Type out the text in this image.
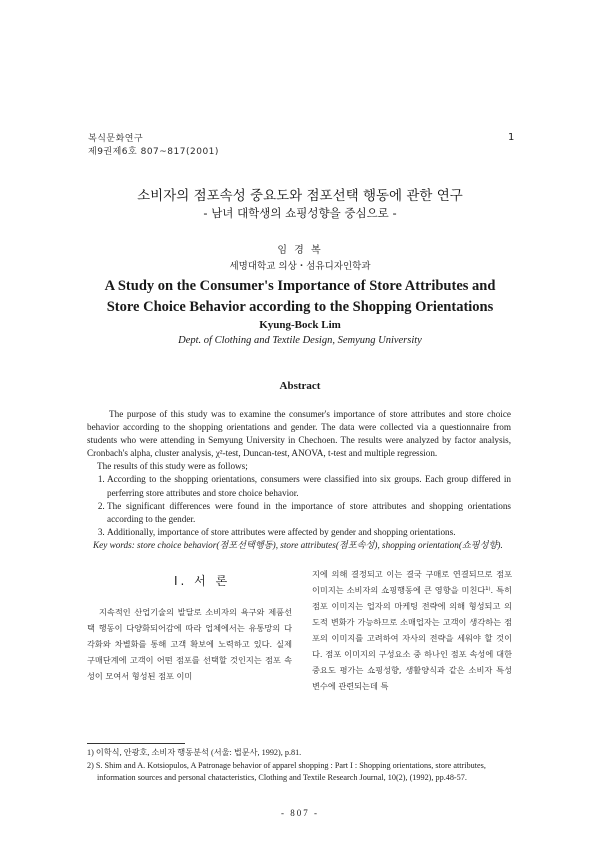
복식문화연구
제9권제6호 807~817(2001)
1
소비자의 점포속성 중요도와 점포선택 행동에 관한 연구
- 남녀 대학생의 쇼핑성향을 중심으로 -
임 경 복
세명대학교 의상・섬유디자인학과
A Study on the Consumer's Importance of Store Attributes and
Store Choice Behavior according to the Shopping Orientations
Kyung-Bock Lim
Dept. of Clothing and Textile Design, Semyung University
Abstract

The purpose of this study was to examine the consumer's importance of store attributes and store choice behavior according to the shopping orientations and gender. The data were collected via a questionnaire from students who were attending in Semyung University in Chechoen. The results were analyzed by factor analysis, Cronbach's alpha, cluster analysis, χ²-test, Duncan-test, ANOVA, t-test and multiple regression.

The results of this study were as follows;

1. According to the shopping orientations, consumers were classified into six groups. Each group differed in perferring store attributes and store choice behavior.
2. The significant differences were found in the importance of store attributes and shopping orientations according to the gender.
3. Additionally, importance of store attributes were affected by gender and shopping orientations.

Key words: store choice behavior(점포선택행동), store attributes(점포속성), shopping orientation(쇼핑성향).

I. 서 론

지속적인 산업기술의 발달로 소비자의 욕구와 제품선택 행동이 다양화되어감에 따라 업체에서는 유통망의 다각화와 차별화를 통해 고객 확보에 노력하고 있다. 실제 구매단계에 고객이 어떤 점포를 선택할 것인지는 점포 속성이 모여서 형성된 점포 이미

지에 의해 결정되고 이는 결국 구매로 연결되므로 점포 이미지는 소비자의 쇼핑행동에 큰 영향을 미친다¹⁾. 특히 점포 이미지는 업자의 마케팅 전략에 의해 형성되고 의도적 변화가 가능하므로 소매업자는 고객이 생각하는 점포의 이미지를 고려하여 자사의 전략을 세워야 할 것이다. 점포 이미지의 구성요소 중 하나인 점포 속성에 대한 중요도 평가는 쇼핑성향, 생활양식과 같은 소비자 특성 변수에 관련되는데 특

1) 이학식, 안광호, 소비자 행동분석 (서울: 법문사, 1992), p.81.

2) S. Shim and A. Kotsiopulos, A Patronage behavior of apparel shopping : Part I : Shopping orientations, store attributes, information sources and personal chatacteristics, Clothing and Textile Research Journal, 10(2), (1992), pp.48-57.

- 807 -
